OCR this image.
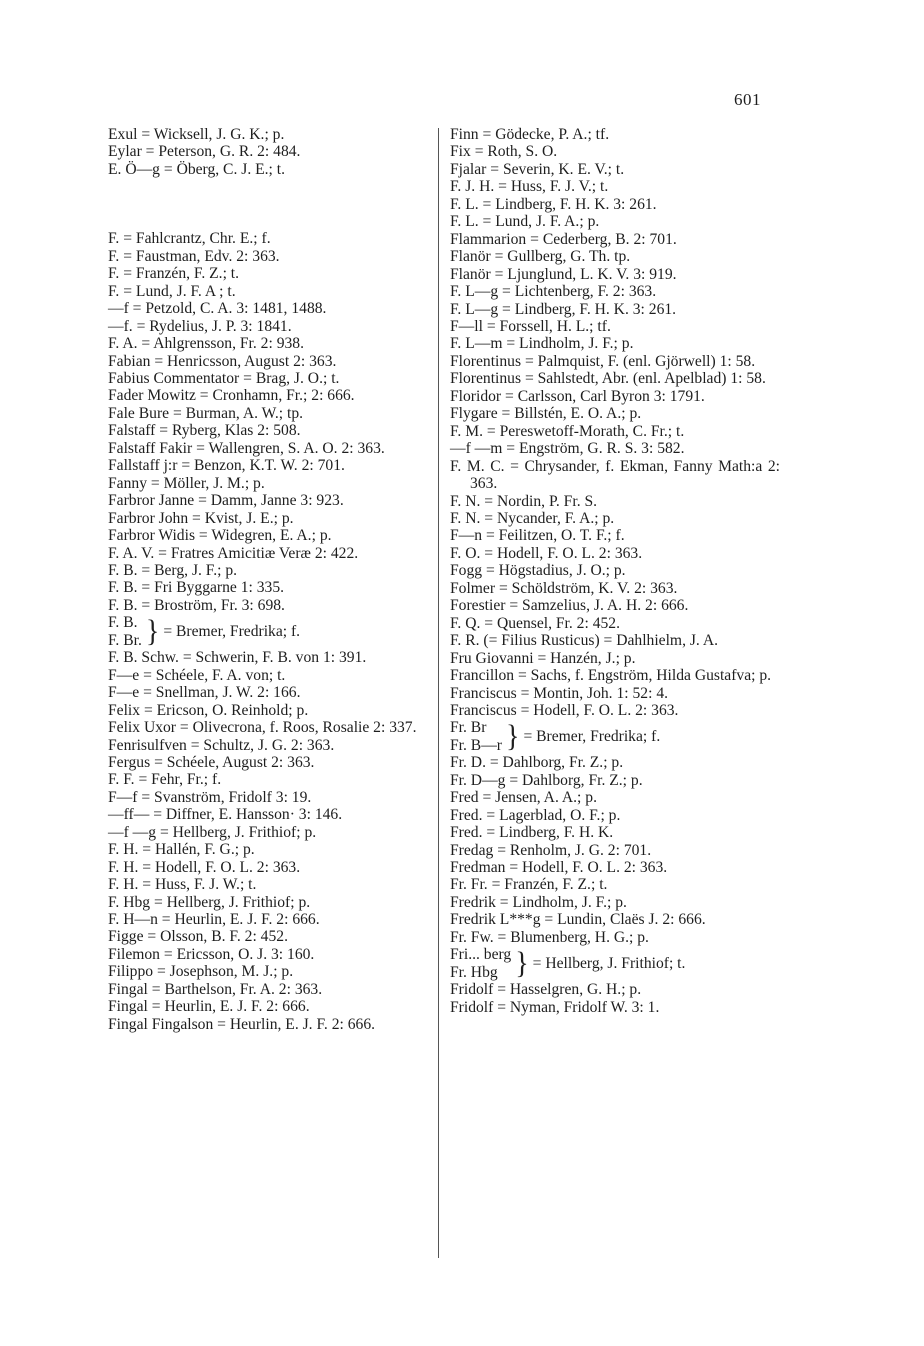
601
Exul = Wicksell, J. G. K.; p.
Eylar = Peterson, G. R. 2: 484.
E. Ö—g = Öberg, C. J. E.; t.
F. = Fahlcrantz, Chr. E.; f.
F. = Faustman, Edv. 2: 363.
F. = Franzén, F. Z.; t.
F. = Lund, J. F. A ; t.
—f = Petzold, C. A. 3: 1481, 1488.
—f. = Rydelius, J. P. 3: 1841.
F. A. = Ahlgrensson, Fr. 2: 938.
Fabian = Henricsson, August 2: 363.
Fabius Commentator = Brag, J. O.; t.
Fader Mowitz = Cronhamn, Fr.; 2: 666.
Fale Bure = Burman, A. W.; tp.
Falstaff = Ryberg, Klas 2: 508.
Falstaff Fakir = Wallengren, S. A. O. 2: 363.
Fallstaff j:r = Benzon, K.T. W. 2: 701.
Fanny = Möller, J. M.; p.
Farbror Janne = Damm, Janne 3: 923.
Farbror John = Kvist, J. E.; p.
Farbror Widis = Widegren, E. A.; p.
F. A. V. = Fratres Amicitiæ Veræ 2: 422.
F. B. = Berg, J. F.; p.
F. B. = Fri Byggarne 1: 335.
F. B. = Broström, Fr. 3: 698.
F. B.
F. Br. } = Bremer, Fredrika; f.
F. B. Schw. = Schwerin, F. B. von 1: 391.
F—e = Schéele, F. A. von; t.
F—e = Snellman, J. W. 2: 166.
Felix = Ericson, O. Reinhold; p.
Felix Uxor = Olivecrona, f. Roos, Rosalie 2: 337.
Fenrisulfven = Schultz, J. G. 2: 363.
Fergus = Schéele, August 2: 363.
F. F. = Fehr, Fr.; f.
F—f = Svanström, Fridolf 3: 19.
—ff— = Diffner, E. Hansson· 3: 146.
—f —g = Hellberg, J. Frithiof; p.
F. H. = Hallén, F. G.; p.
F. H. = Hodell, F. O. L. 2: 363.
F. H. = Huss, F. J. W.; t.
F. Hbg = Hellberg, J. Frithiof; p.
F. H—n = Heurlin, E. J. F. 2: 666.
Figge = Olsson, B. F. 2: 452.
Filemon = Ericsson, O. J. 3: 160.
Filippo = Josephson, M. J.; p.
Fingal = Barthelson, Fr. A. 2: 363.
Fingal = Heurlin, E. J. F. 2: 666.
Fingal Fingalson = Heurlin, E. J. F. 2: 666.
Finn = Gödecke, P. A.; tf.
Fix = Roth, S. O.
Fjalar = Severin, K. E. V.; t.
F. J. H. = Huss, F. J. V.; t.
F. L. = Lindberg, F. H. K. 3: 261.
F. L. = Lund, J. F. A.; p.
Flammarion = Cederberg, B. 2: 701.
Flanör = Gullberg, G. Th. tp.
Flanör = Ljunglund, L. K. V. 3: 919.
F. L—g = Lichtenberg, F. 2: 363.
F. L—g = Lindberg, F. H. K. 3: 261.
F—ll = Forssell, H. L.; tf.
F. L—m = Lindholm, J. F.; p.
Florentinus = Palmquist, F. (enl. Gjörwell) 1: 58.
Florentinus = Sahlstedt, Abr. (enl. Apelblad) 1: 58.
Floridor = Carlsson, Carl Byron 3: 1791.
Flygare = Billstén, E. O. A.; p.
F. M. = Pereswetoff-Morath, C. Fr.; t.
—f —m = Engström, G. R. S. 3: 582.
F. M. C. = Chrysander, f. Ekman, Fanny Math:a 2: 363.
F. N. = Nordin, P. Fr. S.
F. N. = Nycander, F. A.; p.
F—n = Feilitzen, O. T. F.; f.
F. O. = Hodell, F. O. L. 2: 363.
Fogg = Högstadius, J. O.; p.
Folmer = Schöldström, K. V. 2: 363.
Forestier = Samzelius, J. A. H. 2: 666.
F. Q. = Quensel, Fr. 2: 452.
F. R. (= Filius Rusticus) = Dahlhielm, J. A.
Fru Giovanni = Hanzén, J.; p.
Francillon = Sachs, f. Engström, Hilda Gustafva; p.
Franciscus = Montin, Joh. 1: 52: 4.
Franciscus = Hodell, F. O. L. 2: 363.
Fr. Br
Fr. B—r } = Bremer, Fredrika; f.
Fr. D. = Dahlborg, Fr. Z.; p.
Fr. D—g = Dahlborg, Fr. Z.; p.
Fred = Jensen, A. A.; p.
Fred. = Lagerblad, O. F.; p.
Fred. = Lindberg, F. H. K.
Fredag = Renholm, J. G. 2: 701.
Fredman = Hodell, F. O. L. 2: 363.
Fr. Fr. = Franzén, F. Z.; t.
Fredrik = Lindholm, J. F.; p.
Fredrik L***g = Lundin, Claës J. 2: 666.
Fr. Fw. = Blumenberg, H. G.; p.
Fri... berg
Fr. Hbg } = Hellberg, J. Frithiof; t.
Fridolf = Hasselgren, G. H.; p.
Fridolf = Nyman, Fridolf W. 3: 1.
